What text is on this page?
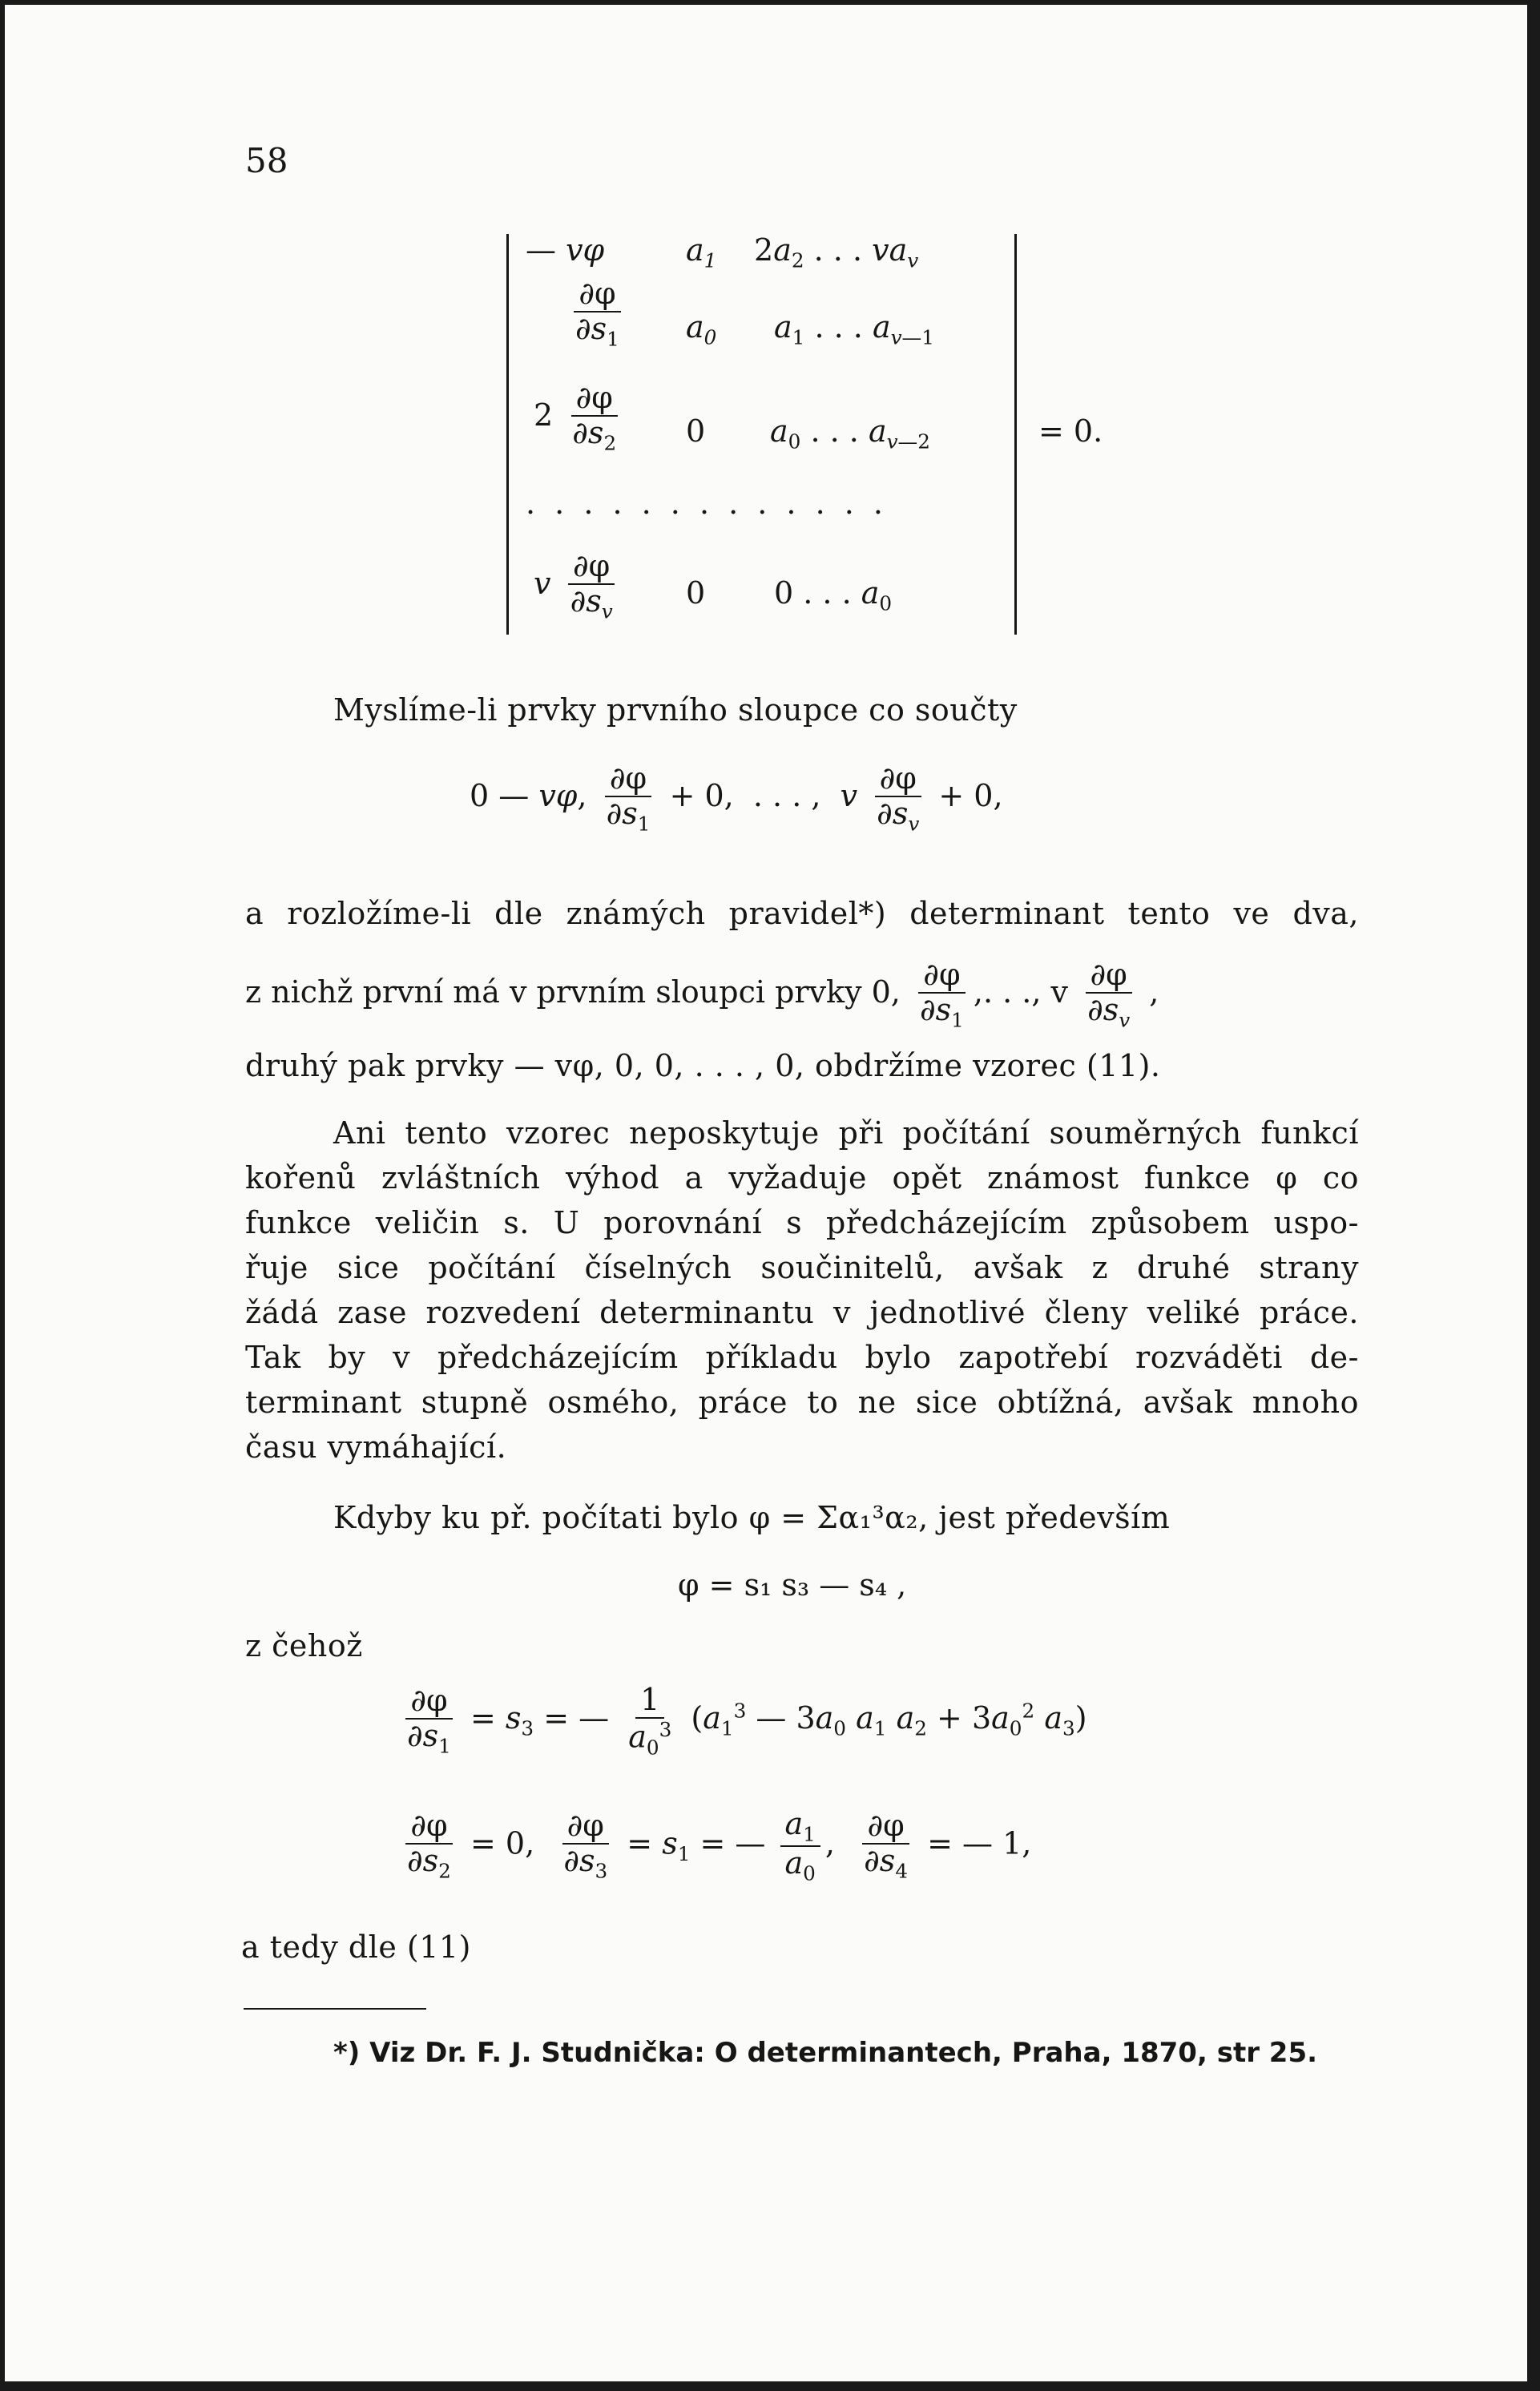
58
— vφ	$a_1$ $2a_2$ . . . $va_v$
$\frac{\partial\varphi}{\partial s_1} a_0$ $a_1$ . . . $a_{v—1}$
$2 \frac{\partial\varphi}{\partial s_2} 0$ $a_0$ . . . $a_{v—2}$	= 0.
. . . . . . . . . . . . .
v $\frac{\partial\varphi}{\partial s_v} 0$ 0 . . . $a_0$
Myslíme-li prvky prvního sloupce co součty
0 — vφ, $\frac{\partial\varphi}{\partial s_1} + 0$,  . . . ,  v $\frac{\partial\varphi}{\partial s_v} + 0$,
a rozložíme-li dle známých pravidel*) determinant tento ve dva,
z nichž první má v prvním sloupci prvky 0, $\frac{\partial\varphi}{\partial s_1}$ ,. . ., v $\frac{\partial\varphi}{\partial s_v}$ ,
druhý pak prvky — vφ, 0, 0, . . . , 0, obdržíme vzorec (11).
Ani tento vzorec neposkytuje při počítání souměrných funkcí
kořenů zvláštních výhod a vyžaduje opět známost funkce φ co
funkce veličin s. U porovnání s předcházejícím způsobem uspo-
řuje sice počítání číselných součinitelů, avšak z druhé strany
žádá zase rozvedení determinantu v jednotlivé členy veliké práce.
Tak by v předcházejícím příkladu bylo zapotřebí rozváděti de-
terminant stupně osmého, práce to ne sice obtížná, avšak mnoho
času vymáhající.
Kdyby ku př. počítati bylo φ = Σα₁³α₂, jest především
φ = s₁ s₃ — s₄ ,
z čehož
$\frac{\partial\varphi}{\partial s_1} = s_3$ = — $\frac{1}{a_0^3} (a_1^3$ — $3a_0$ $a_1$ $a_2 + 3a_0^2$ $a_3$)
$\frac{\partial\varphi}{\partial s_2} = 0$, $\frac{\partial\varphi}{\partial s_3} = s_1$ = — $\frac{a_1}{a_0}$ , $\frac{\partial\varphi}{\partial s_4}$ = — 1,
a tedy dle (11)
*) Viz Dr. F. J. Studnička: O determinantech, Praha, 1870, str 25.
